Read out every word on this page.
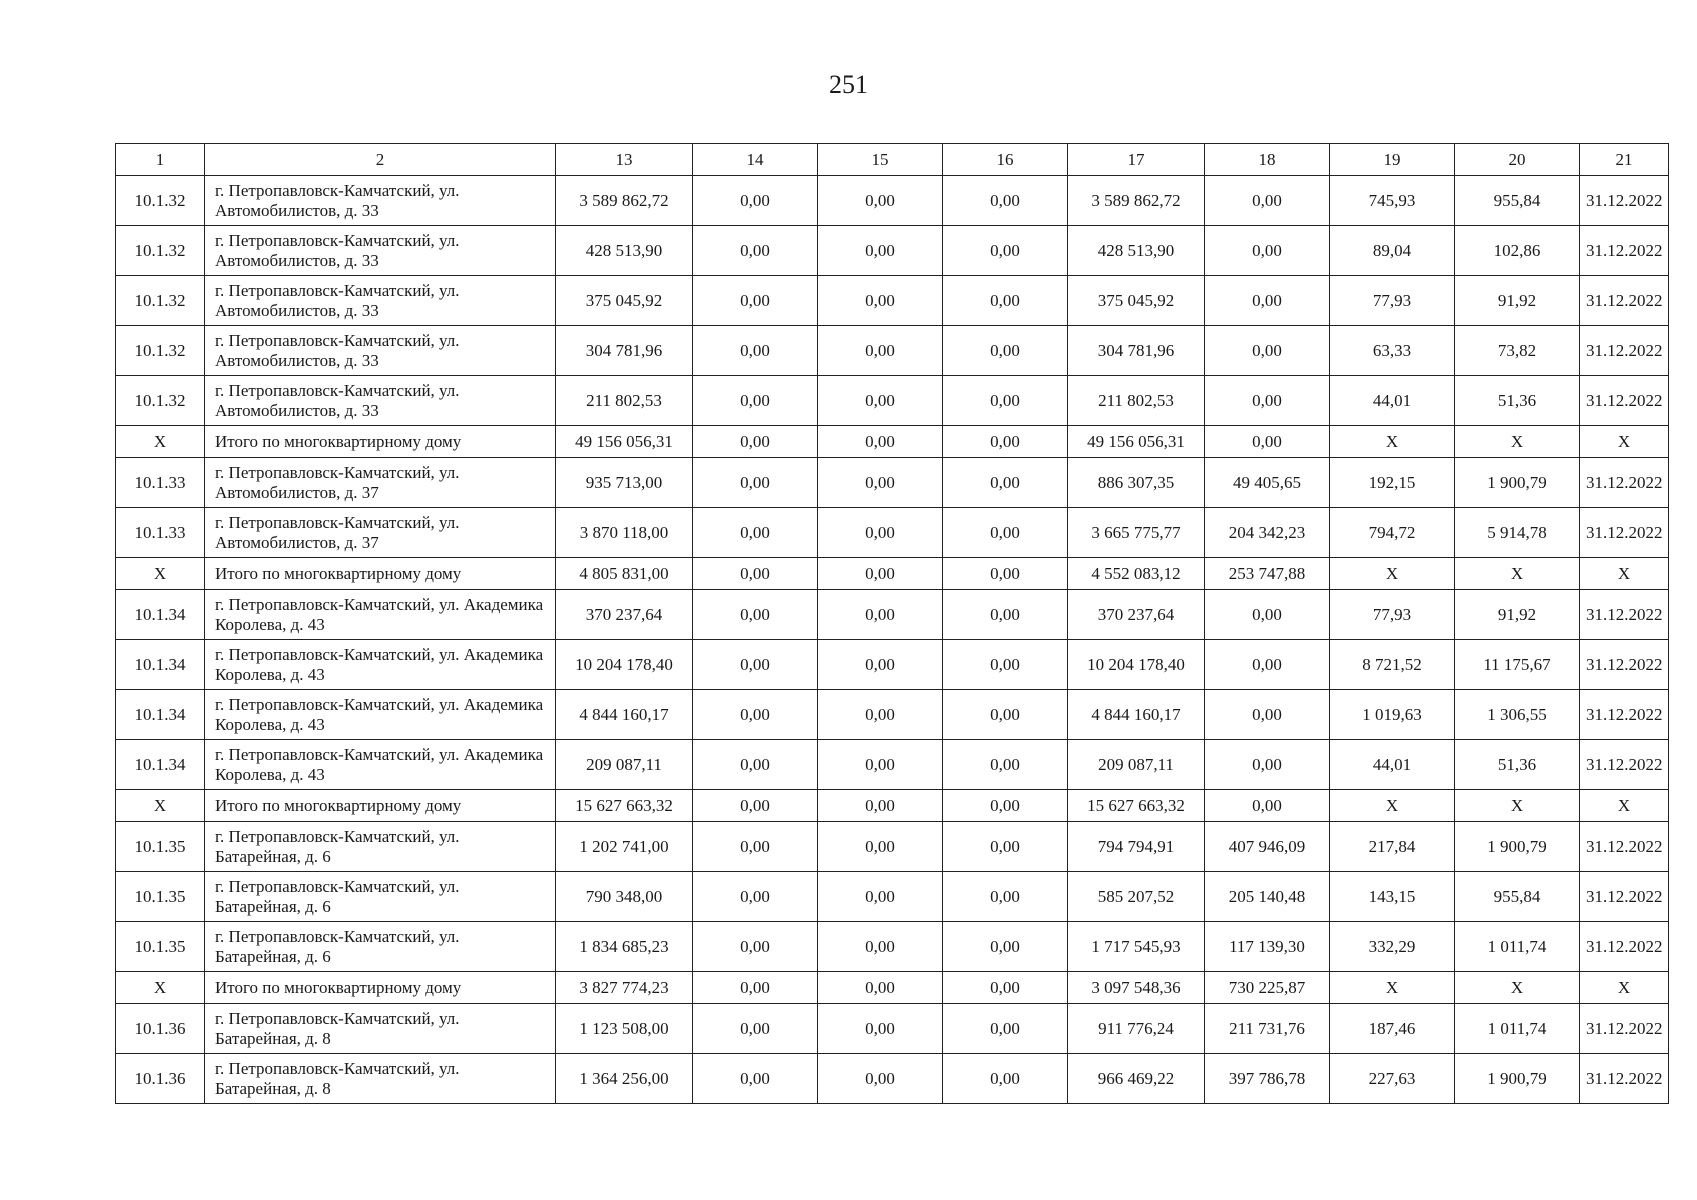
251
1	2	13	14	15	16	17	18	19	20	21
10.1.32	г. Петропавловск-Камчатский, ул. Автомобилистов, д. 33	3 589 862,72	0,00	0,00	0,00	3 589 862,72	0,00	745,93	955,84	31.12.2022
10.1.32	г. Петропавловск-Камчатский, ул. Автомобилистов, д. 33	428 513,90	0,00	0,00	0,00	428 513,90	0,00	89,04	102,86	31.12.2022
10.1.32	г. Петропавловск-Камчатский, ул. Автомобилистов, д. 33	375 045,92	0,00	0,00	0,00	375 045,92	0,00	77,93	91,92	31.12.2022
10.1.32	г. Петропавловск-Камчатский, ул. Автомобилистов, д. 33	304 781,96	0,00	0,00	0,00	304 781,96	0,00	63,33	73,82	31.12.2022
10.1.32	г. Петропавловск-Камчатский, ул. Автомобилистов, д. 33	211 802,53	0,00	0,00	0,00	211 802,53	0,00	44,01	51,36	31.12.2022
X	Итого по многоквартирному дому	49 156 056,31	0,00	0,00	0,00	49 156 056,31	0,00	X	X	X
10.1.33	г. Петропавловск-Камчатский, ул. Автомобилистов, д. 37	935 713,00	0,00	0,00	0,00	886 307,35	49 405,65	192,15	1 900,79	31.12.2022
10.1.33	г. Петропавловск-Камчатский, ул. Автомобилистов, д. 37	3 870 118,00	0,00	0,00	0,00	3 665 775,77	204 342,23	794,72	5 914,78	31.12.2022
X	Итого по многоквартирному дому	4 805 831,00	0,00	0,00	0,00	4 552 083,12	253 747,88	X	X	X
10.1.34	г. Петропавловск-Камчатский, ул. Академика Королева, д. 43	370 237,64	0,00	0,00	0,00	370 237,64	0,00	77,93	91,92	31.12.2022
10.1.34	г. Петропавловск-Камчатский, ул. Академика Королева, д. 43	10 204 178,40	0,00	0,00	0,00	10 204 178,40	0,00	8 721,52	11 175,67	31.12.2022
10.1.34	г. Петропавловск-Камчатский, ул. Академика Королева, д. 43	4 844 160,17	0,00	0,00	0,00	4 844 160,17	0,00	1 019,63	1 306,55	31.12.2022
10.1.34	г. Петропавловск-Камчатский, ул. Академика Королева, д. 43	209 087,11	0,00	0,00	0,00	209 087,11	0,00	44,01	51,36	31.12.2022
X	Итого по многоквартирному дому	15 627 663,32	0,00	0,00	0,00	15 627 663,32	0,00	X	X	X
10.1.35	г. Петропавловск-Камчатский, ул. Батарейная, д. 6	1 202 741,00	0,00	0,00	0,00	794 794,91	407 946,09	217,84	1 900,79	31.12.2022
10.1.35	г. Петропавловск-Камчатский, ул. Батарейная, д. 6	790 348,00	0,00	0,00	0,00	585 207,52	205 140,48	143,15	955,84	31.12.2022
10.1.35	г. Петропавловск-Камчатский, ул. Батарейная, д. 6	1 834 685,23	0,00	0,00	0,00	1 717 545,93	117 139,30	332,29	1 011,74	31.12.2022
X	Итого по многоквартирному дому	3 827 774,23	0,00	0,00	0,00	3 097 548,36	730 225,87	X	X	X
10.1.36	г. Петропавловск-Камчатский, ул. Батарейная, д. 8	1 123 508,00	0,00	0,00	0,00	911 776,24	211 731,76	187,46	1 011,74	31.12.2022
10.1.36	г. Петропавловск-Камчатский, ул. Батарейная, д. 8	1 364 256,00	0,00	0,00	0,00	966 469,22	397 786,78	227,63	1 900,79	31.12.2022
